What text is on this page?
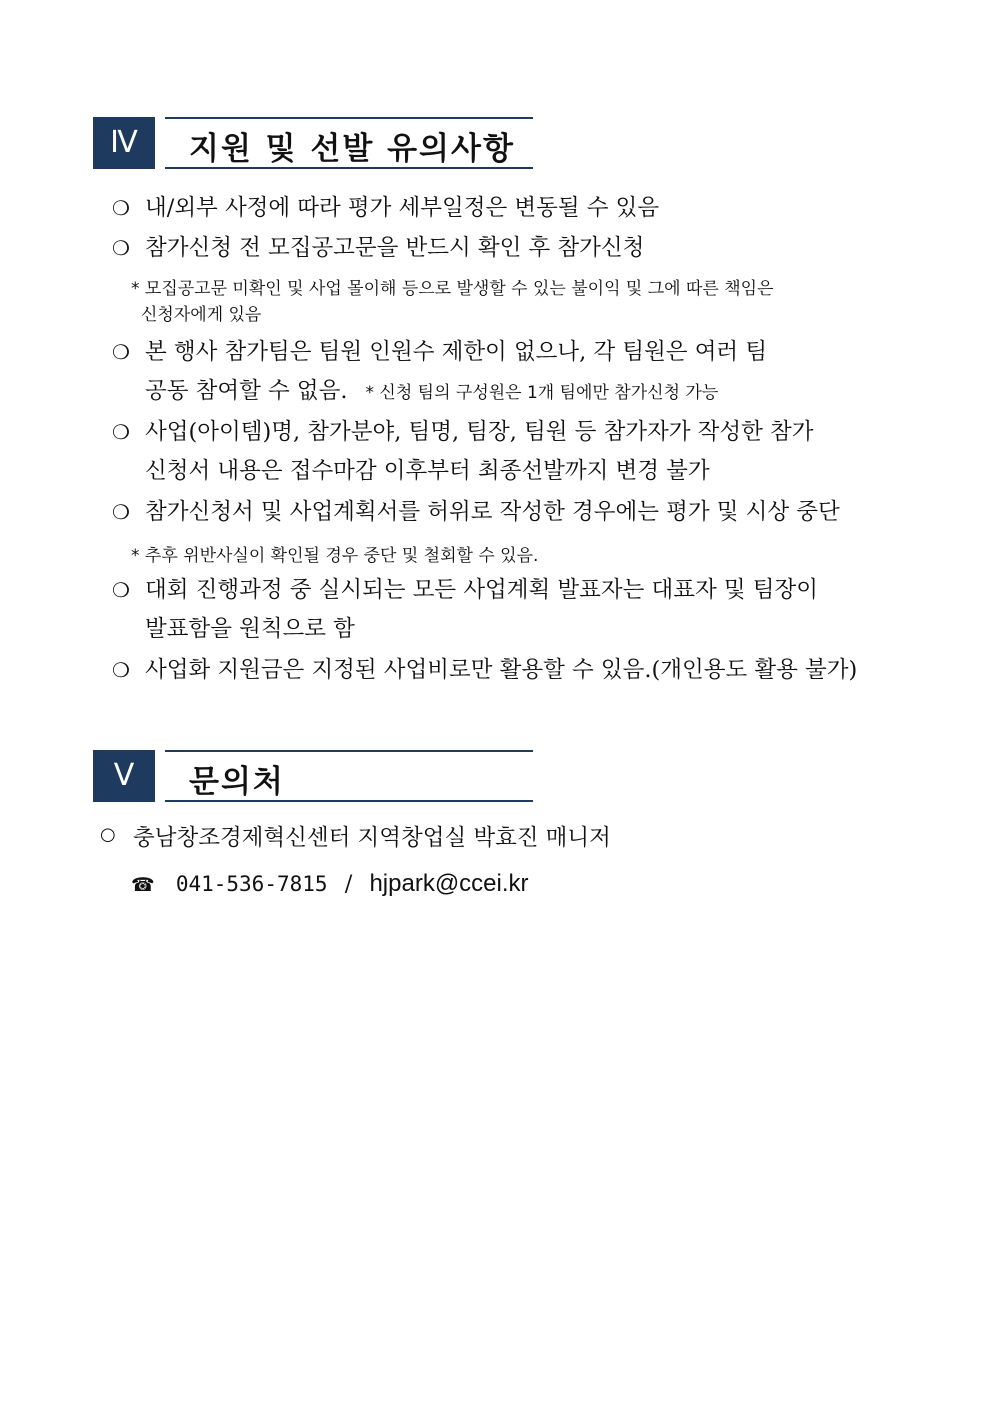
Ⅳ	지원 및 선발 유의사항
❍ 내/외부 사정에 따라 평가 세부일정은 변동될 수 있음
❍ 참가신청 전 모집공고문을 반드시 확인 후 참가신청
* 모집공고문 미확인 및 사업 몰이해 등으로 발생할 수 있는 불이익 및 그에 따른 책임은
신청자에게 있음
❍ 본 행사 참가팀은 팀원 인원수 제한이 없으나, 각 팀원은 여러 팀
공동 참여할 수 없음. * 신청 팀의 구성원은 1개 팀에만 참가신청 가능
❍ 사업(아이템)명, 참가분야, 팀명, 팀장, 팀원 등 참가자가 작성한 참가
신청서 내용은 접수마감 이후부터 최종선발까지 변경 불가
❍ 참가신청서 및 사업계획서를 허위로 작성한 경우에는 평가 및 시상 중단
* 추후 위반사실이 확인될 경우 중단 및 철회할 수 있음.
❍ 대회 진행과정 중 실시되는 모든 사업계획 발표자는 대표자 및 팀장이
발표함을 원칙으로 함
❍ 사업화 지원금은 지정된 사업비로만 활용할 수 있음.(개인용도 활용 불가)
Ⅴ	문의처
○ 충남창조경제혁신센터 지역창업실 박효진 매니저
☎ 041-536-7815 / hjpark@ccei.kr
